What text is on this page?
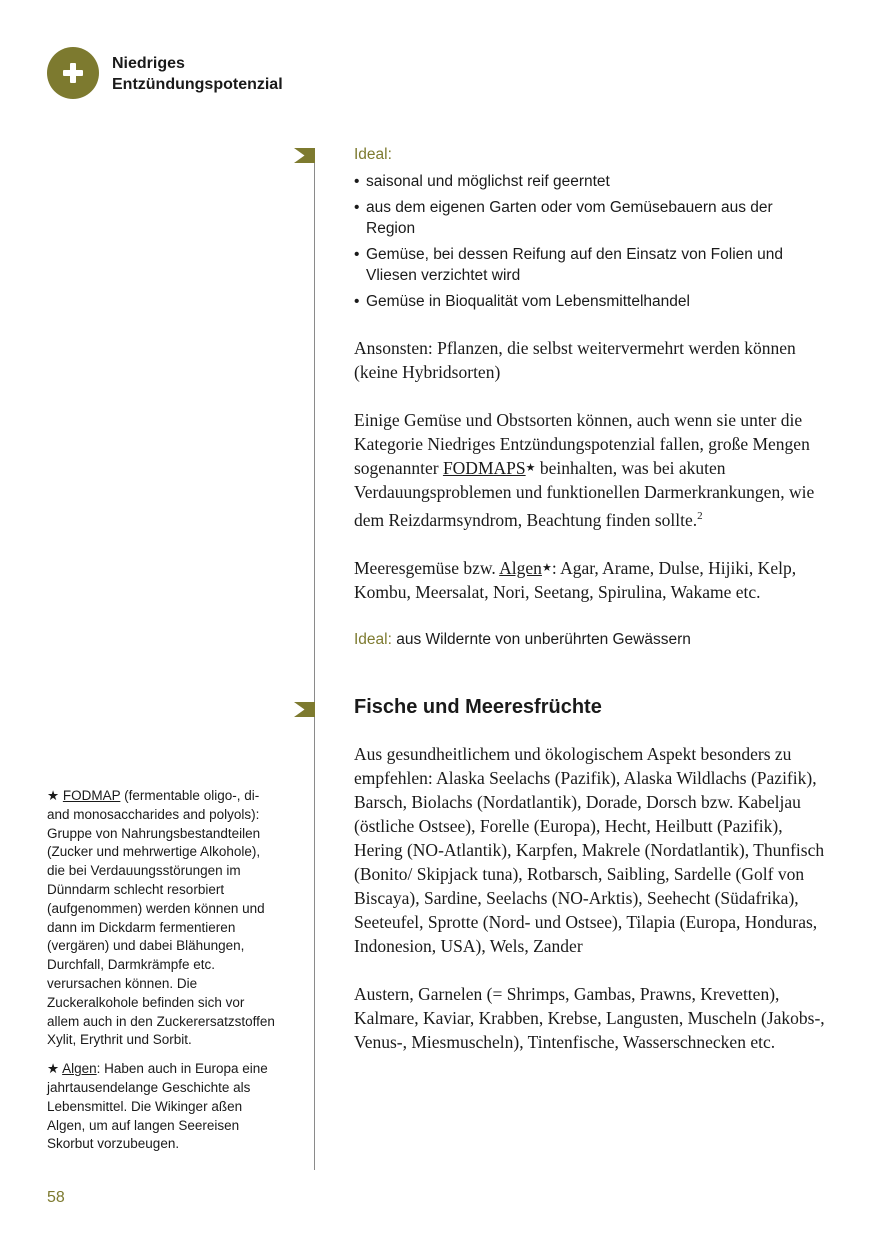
Niedriges
Entzündungspotenzial
Ideal:
• saisonal und möglichst reif geerntet
• aus dem eigenen Garten oder vom Gemüsebauern aus der Region
• Gemüse, bei dessen Reifung auf den Einsatz von Folien und Vliesen verzichtet wird
• Gemüse in Bioqualität vom Lebensmittelhandel

Ansonsten: Pflanzen, die selbst weitervermehrt werden können (keine Hybridsorten)

Einige Gemüse und Obstsorten können, auch wenn sie unter die Kategorie Niedriges Entzündungspotenzial fallen, große Mengen sogenannter FODMAPS★ beinhalten, was bei akuten Verdauungsproblemen und funktionellen Darmerkrankungen, wie dem Reizdarmsyndrom, Beachtung finden sollte.$^2$

Meeresgemüse bzw. Algen★: Agar, Arame, Dulse, Hijiki, Kelp, Kombu, Meersalat, Nori, Seetang, Spirulina, Wakame etc.

Ideal: aus Wildernte von unberührten Gewässern

Fische und Meeresfrüchte

Aus gesundheitlichem und ökologischem Aspekt besonders zu empfehlen: Alaska Seelachs (Pazifik), Alaska Wildlachs (Pazifik), Barsch, Biolachs (Nordatlantik), Dorade, Dorsch bzw. Kabeljau (östliche Ostsee), Forelle (Europa), Hecht, Heilbutt (Pazifik), Hering (NO-Atlantik), Karpfen, Makrele (Nordatlantik), Thunfisch (Bonito/ Skipjack tuna), Rotbarsch, Saibling, Sardelle (Golf von Biscaya), Sardine, Seelachs (NO-Arktis), Seehecht (Südafrika), Seeteufel, Sprotte (Nord- und Ostsee), Tilapia (Europa, Honduras, Indonesion, USA), Wels, Zander

Austern, Garnelen (= Shrimps, Gambas, Prawns, Krevetten), Kalmare, Kaviar, Krabben, Krebse, Langusten, Muscheln (Jakobs-, Venus-, Miesmuscheln), Tintenfische, Wasserschnecken etc.

★ FODMAP (fermentable oligo-, di- and monosaccharides and polyols): Gruppe von Nahrungsbestandteilen (Zucker und mehrwertige Alkohole), die bei Verdauungsstörungen im Dünndarm schlecht resorbiert (aufgenommen) werden können und dann im Dickdarm fermentieren (vergären) und dabei Blähungen, Durchfall, Darmkrämpfe etc. verursachen können. Die Zuckeralkohole befinden sich vor allem auch in den Zuckerersatzstoffen Xylit, Erythrit und Sorbit.

★ Algen: Haben auch in Europa eine jahrtausendelange Geschichte als Lebensmittel. Die Wikinger aßen Algen, um auf langen Seereisen Skorbut vorzubeugen.

58
